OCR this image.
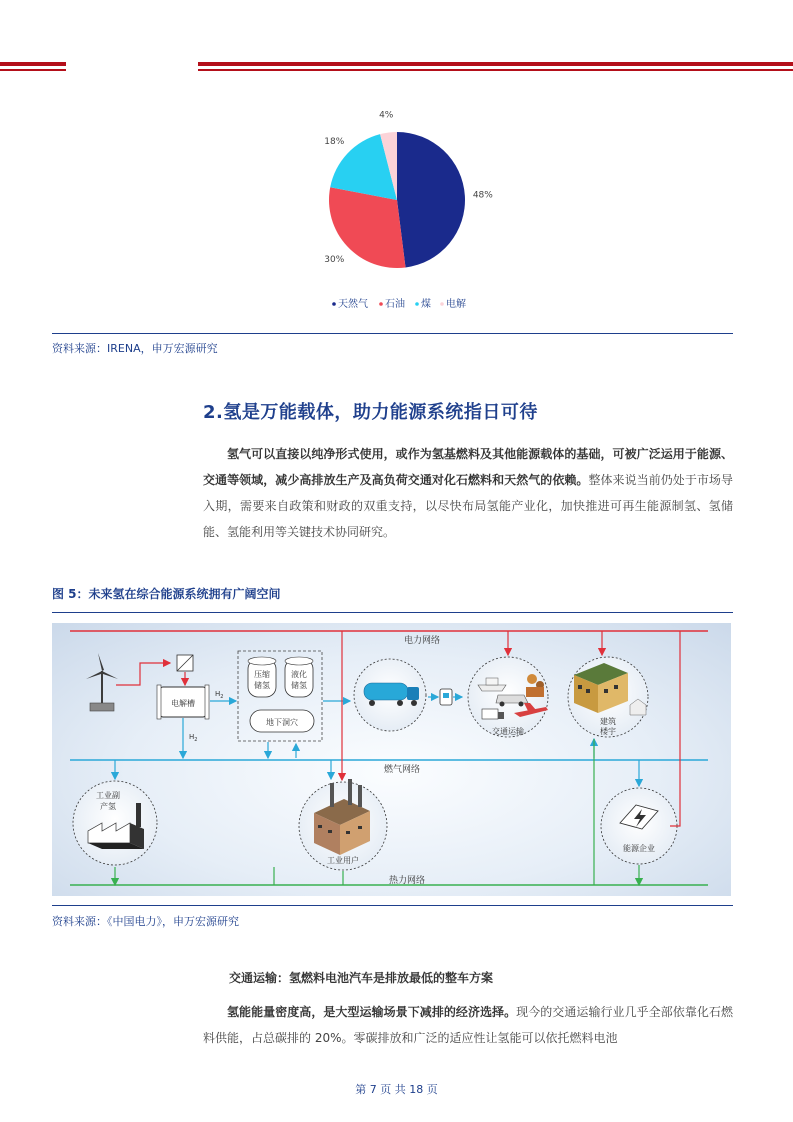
48%
30%
18%
4%
天然气 石油 煤 电解
资料来源：IRENA，申万宏源研究
2.氢是万能载体，助力能源系统指日可待
氢气可以直接以纯净形式使用，或作为氢基燃料及其他能源载体的基础，可被广泛运用于能源、交通等领域，减少高排放生产及高负荷交通对化石燃料和天然气的依赖。整体来说当前仍处于市场导入期，需要来自政策和财政的双重支持，以尽快布局氢能产业化，加快推进可再生能源制氢、氢储能、氢能利用等关键技术协同研究。
图 5：未来氢在综合能源系统拥有广阔空间
电力网络
燃气网络
热力网络
电解槽
$H_2$
$H_2$
压缩
储氢
液化
储氢
地下洞穴
交通运输
建筑
楼宇
工业副
产氢
工业用户
能源企业
资料来源：《中国电力》，申万宏源研究
交通运输：氢燃料电池汽车是排放最低的整车方案
氢能能量密度高，是大型运输场景下减排的经济选择。现今的交通运输行业几乎全部依靠化石燃料供能，占总碳排的 20%。零碳排放和广泛的适应性让氢能可以依托燃料电池
第 7 页 共 18 页
